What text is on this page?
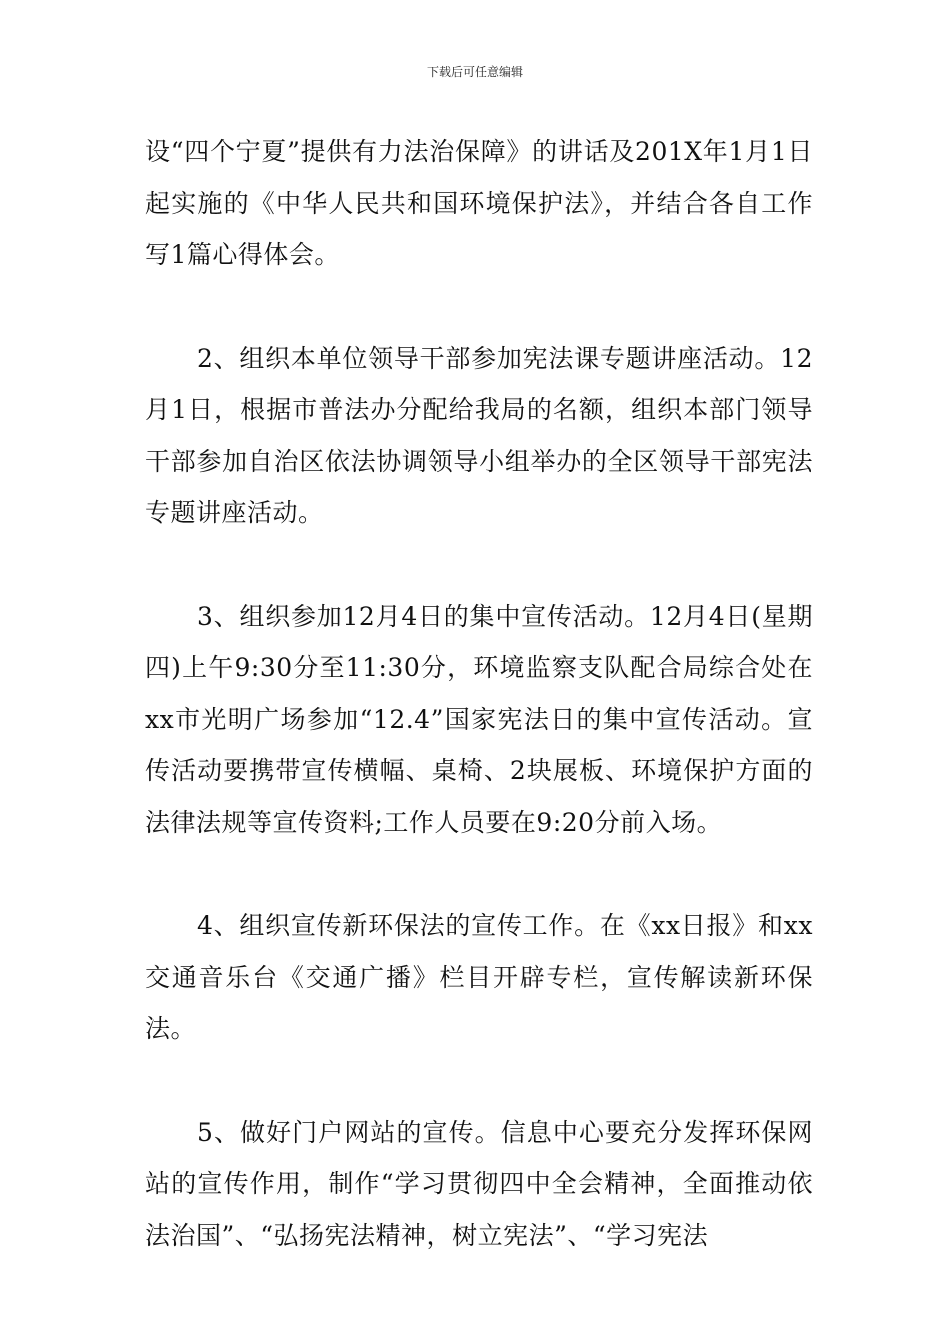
下载后可任意编辑

设“四个宁夏”提供有力法治保障》的讲话及201X年1月1日起实施的《中华人民共和国环境保护法》，并结合各自工作写1篇心得体会。

2、组织本单位领导干部参加宪法课专题讲座活动。12月1日，根据市普法办分配给我局的名额，组织本部门领导干部参加自治区依法协调领导小组举办的全区领导干部宪法专题讲座活动。

3、组织参加12月4日的集中宣传活动。12月4日(星期四)上午9:30分至11:30分，环境监察支队配合局综合处在xx市光明广场参加“12.4”国家宪法日的集中宣传活动。宣传活动要携带宣传横幅、桌椅、2块展板、环境保护方面的法律法规等宣传资料;工作人员要在9:20分前入场。

4、组织宣传新环保法的宣传工作。在《xx日报》和xx交通音乐台《交通广播》栏目开辟专栏，宣传解读新环保法。

5、做好门户网站的宣传。信息中心要充分发挥环保网站的宣传作用，制作“学习贯彻四中全会精神，全面推动依法治国”、“弘扬宪法精神，树立宪法”、“学习宪法
